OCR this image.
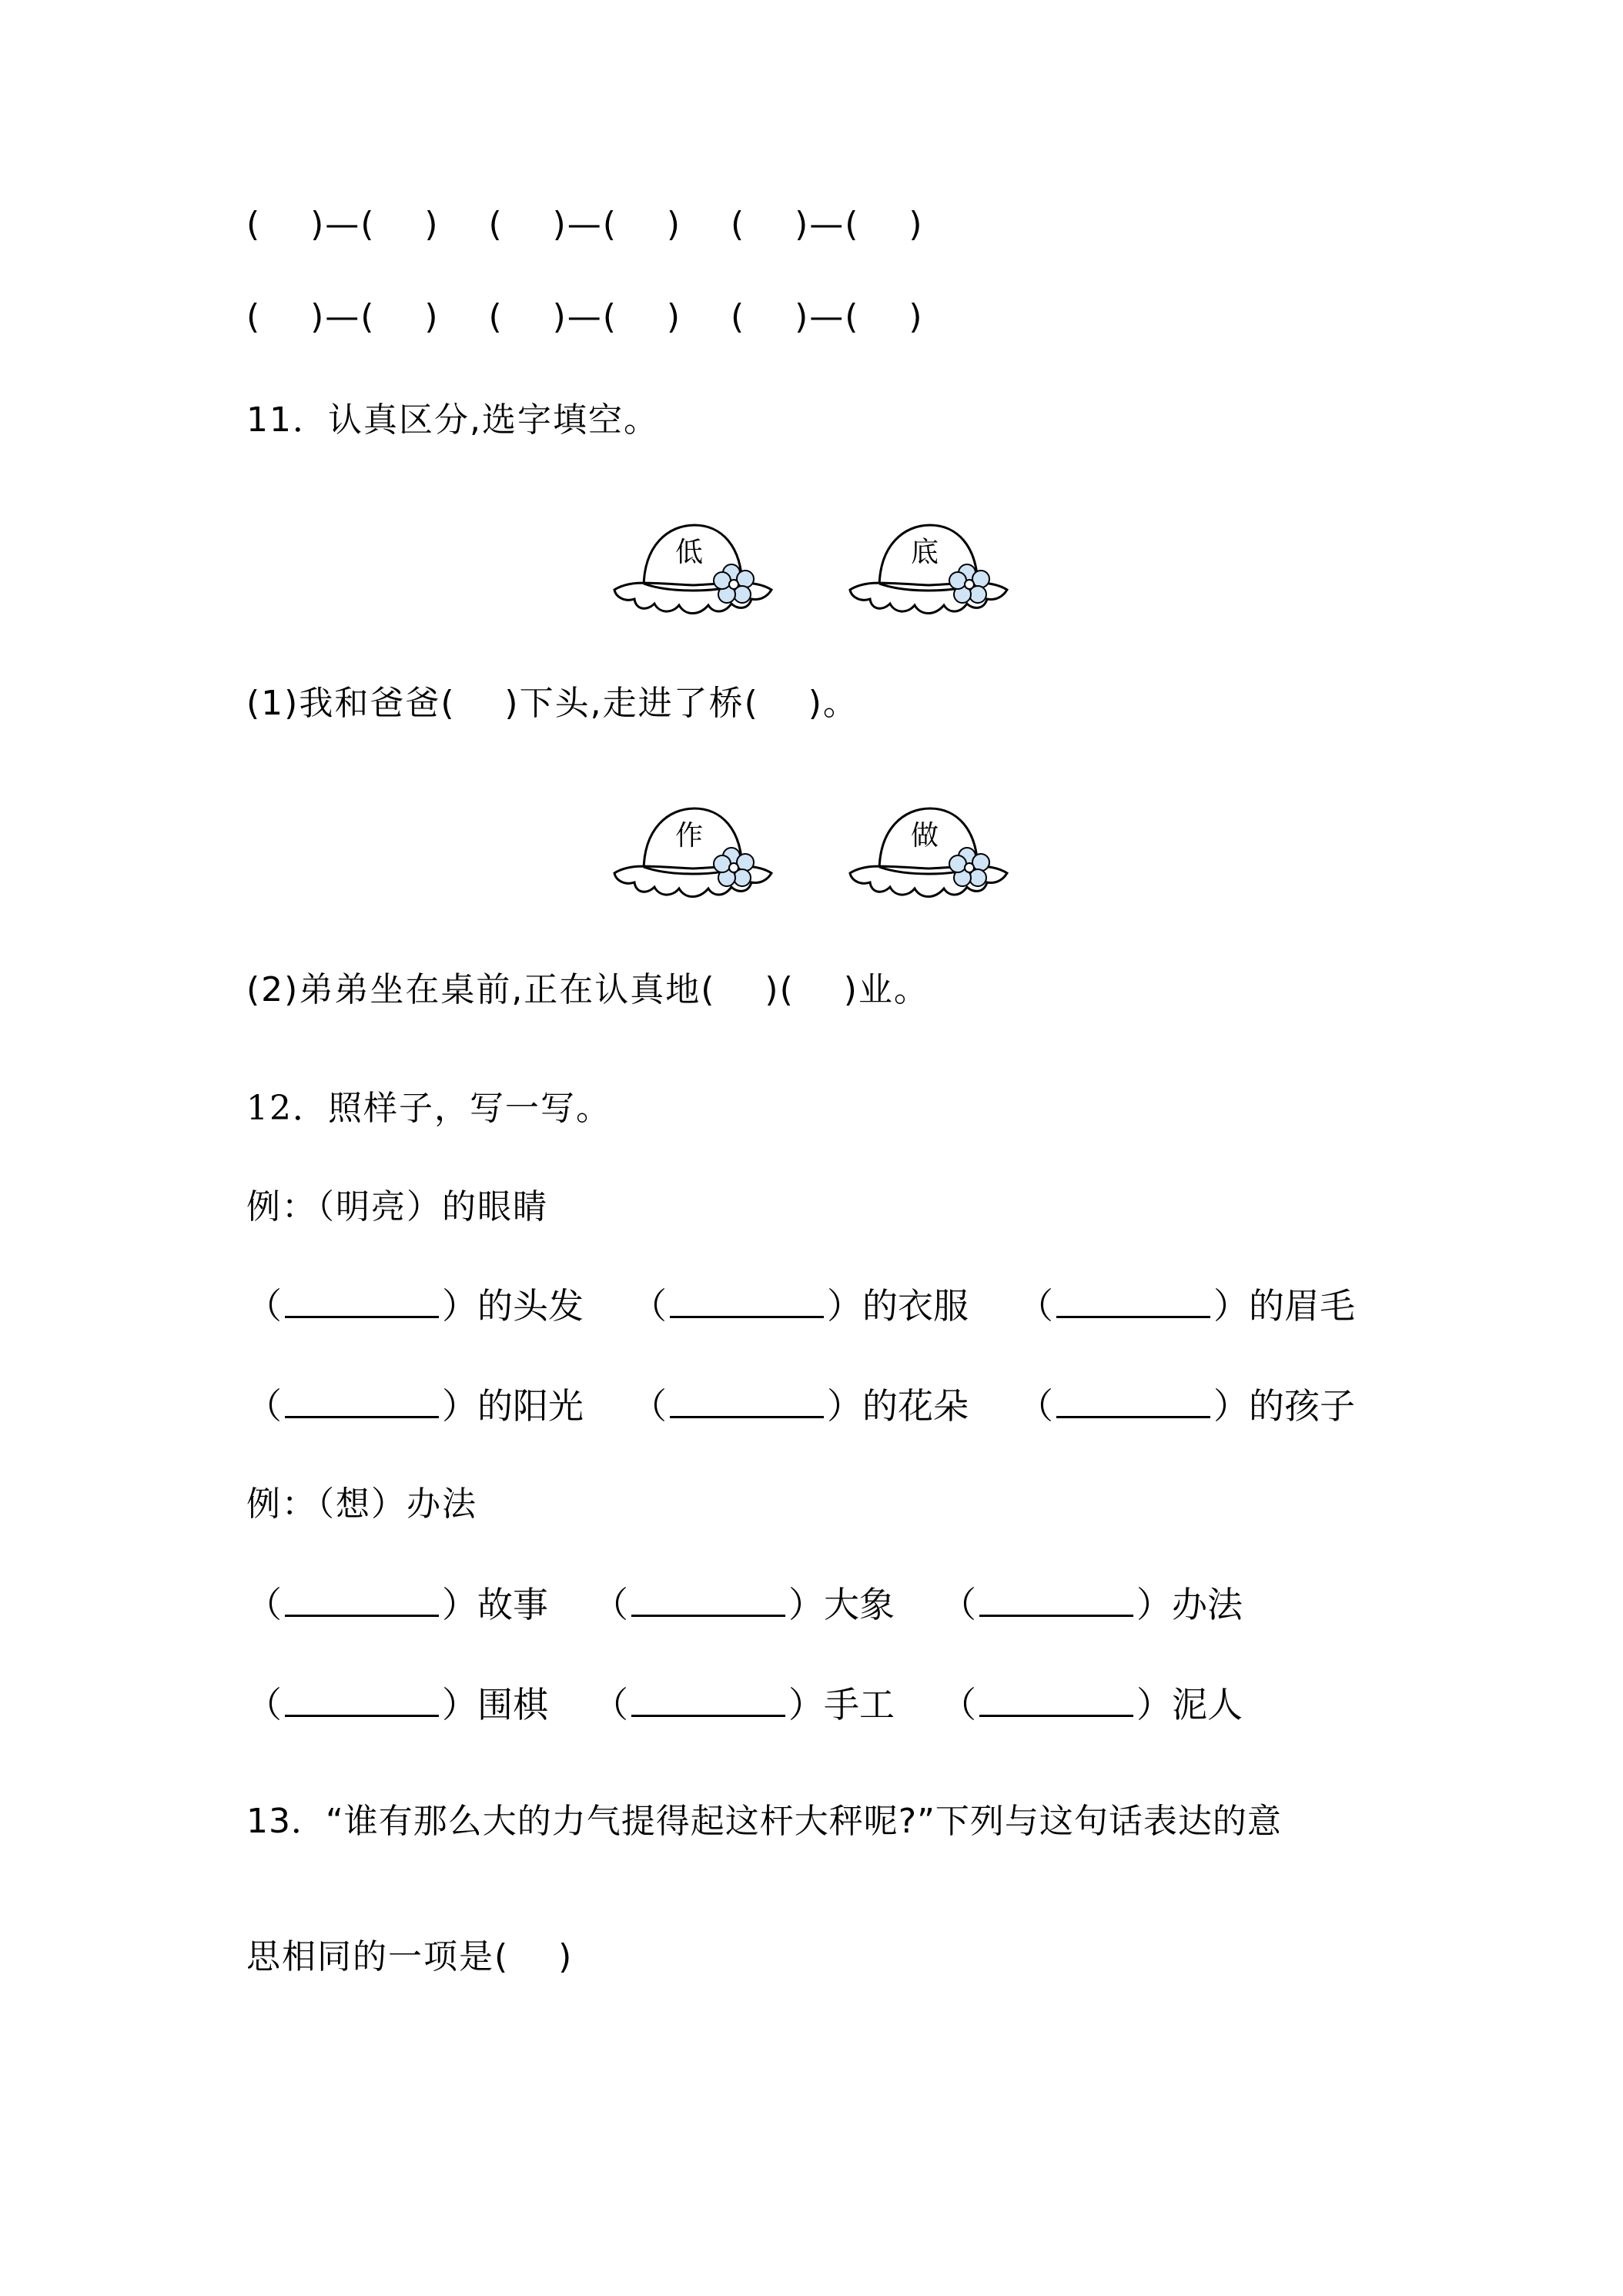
(    )—(    )    (    )—(    )    (    )—(    )
(    )—(    )    (    )—(    )    (    )—(    )
11．认真区分,选字填空。
低	底
(1)我和爸爸(    )下头,走进了桥(    )。
作	做
(2)弟弟坐在桌前,正在认真地(    )(    )业。
12．照样子，写一写。
例：（明亮）的眼睛
（	）的头发 （	）的衣服 （	）的眉毛
（	）的阳光 （	）的花朵 （	）的孩子
例：（想）办法
（	）故事 （	）大象 （	）办法
（	）围棋 （	）手工 （	）泥人
13．“谁有那么大的力气提得起这杆大秤呢?”下列与这句话表达的意
思相同的一项是(    )
